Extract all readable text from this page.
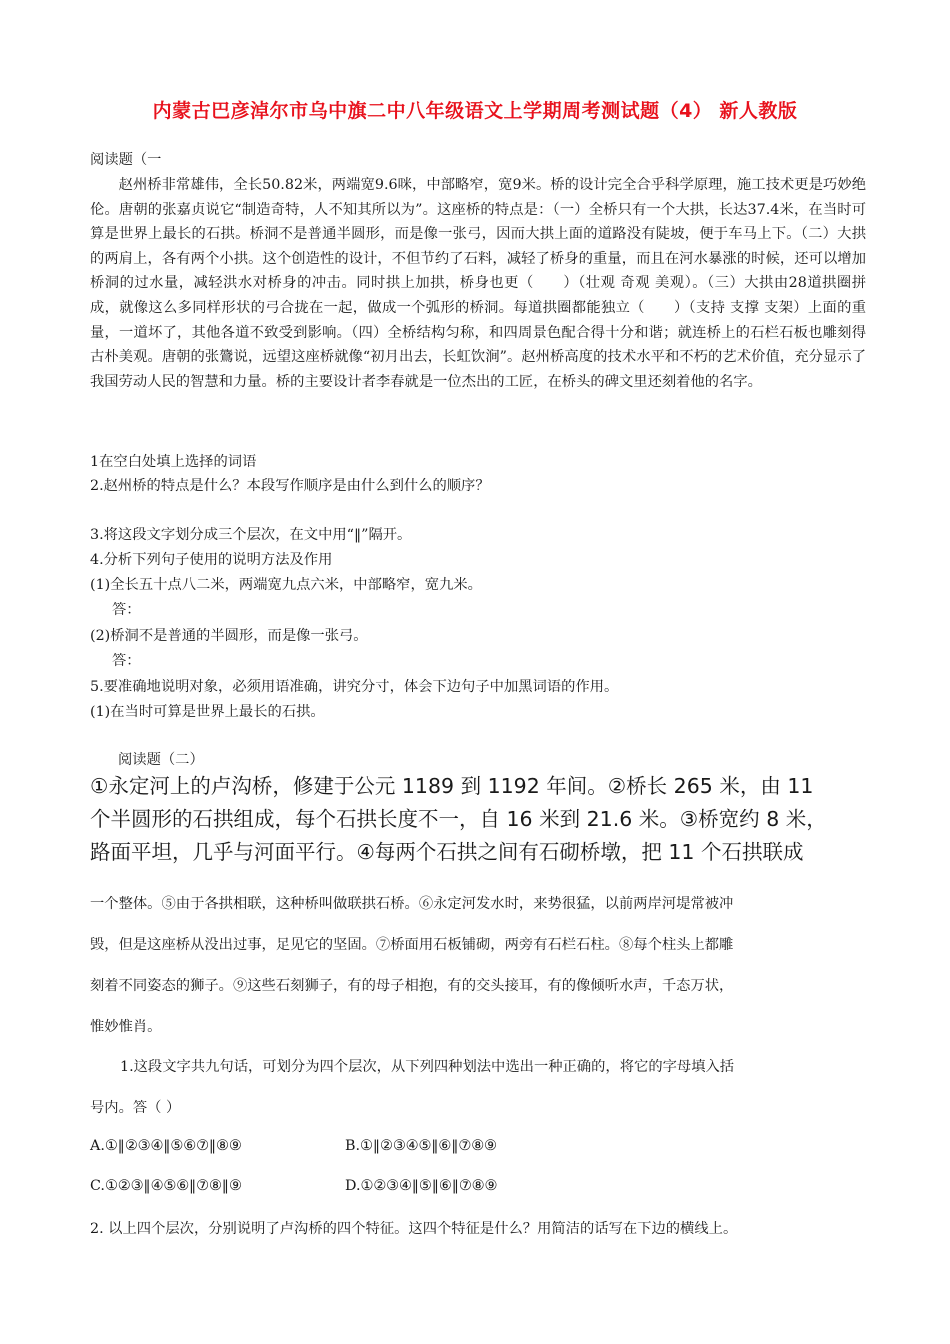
内蒙古巴彦淖尔市乌中旗二中八年级语文上学期周考测试题（4） 新人教版
阅读题（一
赵州桥非常雄伟，全长50.82米，两端宽9.6咪，中部略窄，宽9米。桥的设计完全合乎科学原理，施工技术更是巧妙绝伦。唐朝的张嘉贞说它“制造奇特，人不知其所以为”。这座桥的特点是：（一）全桥只有一个大拱，长达37.4米，在当时可算是世界上最长的石拱。桥洞不是普通半圆形，而是像一张弓，因而大拱上面的道路没有陡坡，便于车马上下。（二）大拱的两肩上，各有两个小拱。这个创造性的设计，不但节约了石料，减轻了桥身的重量，而且在河水暴涨的时候，还可以增加桥洞的过水量，减轻洪水对桥身的冲击。同时拱上加拱，桥身也更（　　）（壮观 奇观 美观）。（三）大拱由28道拱圈拼成，就像这么多同样形状的弓合拢在一起，做成一个弧形的桥洞。每道拱圈都能独立（　　）（支持 支撑 支架）上面的重量，一道坏了，其他各道不致受到影响。（四）全桥结构匀称，和四周景色配合得十分和谐；就连桥上的石栏石板也雕刻得古朴美观。唐朝的张鷟说，远望这座桥就像“初月出去，长虹饮涧”。赵州桥高度的技术水平和不朽的艺术价值，充分显示了我国劳动人民的智慧和力量。桥的主要设计者李春就是一位杰出的工匠，在桥头的碑文里还刻着他的名字。
1在空白处填上选择的词语
2.赵州桥的特点是什么？本段写作顺序是由什么到什么的顺序？
3.将这段文字划分成三个层次，在文中用“‖”隔开。
4.分析下列句子使用的说明方法及作用
(1)全长五十点八二米，两端宽九点六米，中部略窄，宽九米。
答：
(2)桥洞不是普通的半圆形，而是像一张弓。
答：
5.要准确地说明对象，必须用语准确，讲究分寸，体会下边句子中加黑词语的作用。
(1)在当时可算是世界上最长的石拱。
阅读题（二）
①永定河上的卢沟桥，修建于公元 1189 到 1192 年间。②桥长 265 米，由 11
个半圆形的石拱组成，每个石拱长度不一，自 16 米到 21.6 米。③桥宽约 8 米，
路面平坦，几乎与河面平行。④每两个石拱之间有石砌桥墩，把 11 个石拱联成
一个整体。⑤由于各拱相联，这种桥叫做联拱石桥。⑥永定河发水时，来势很猛，以前两岸河堤常被冲
毁，但是这座桥从没出过事，足见它的坚固。⑦桥面用石板铺砌，两旁有石栏石柱。⑧每个柱头上都雕
刻着不同姿态的狮子。⑨这些石刻狮子，有的母子相抱，有的交头接耳，有的像倾听水声，千态万状，
惟妙惟肖。
1.这段文字共九句话，可划分为四个层次，从下列四种划法中选出一种正确的，将它的字母填入括
号内。答（ ）
A.①‖②③④‖⑤⑥⑦‖⑧⑨	B.①‖②③④⑤‖⑥‖⑦⑧⑨
C.①②③‖④⑤⑥‖⑦⑧‖⑨	D.①②③④‖⑤‖⑥‖⑦⑧⑨
2. 以上四个层次，分别说明了卢沟桥的四个特征。这四个特征是什么？用简洁的话写在下边的横线上。
